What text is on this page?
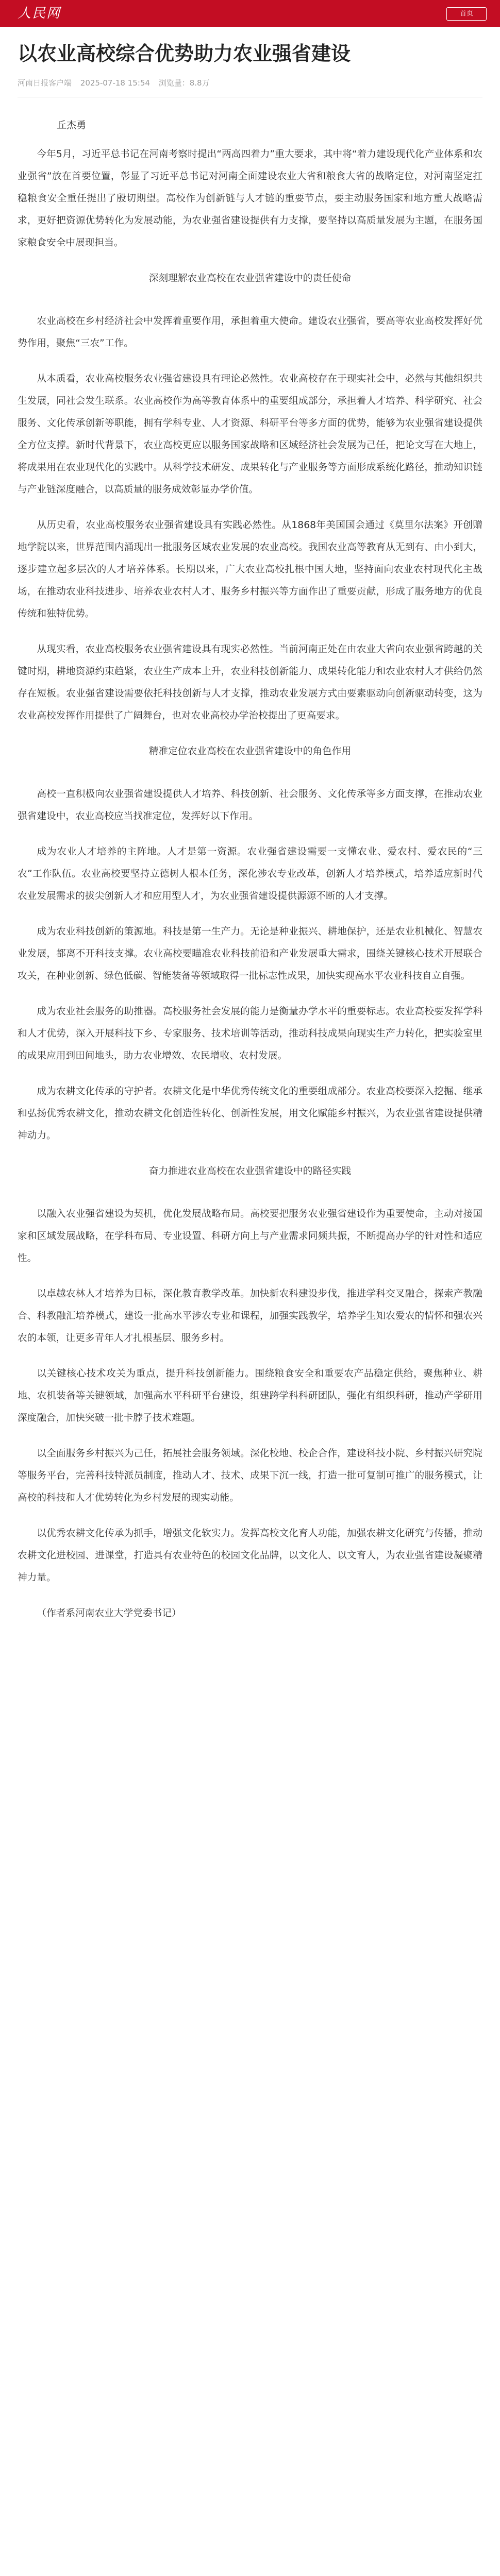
人民网	首页
以农业高校综合优势助力农业强省建设
河南日报客户端 2025-07-18 15:54 浏览量：8.8万
丘杰勇

今年5月，习近平总书记在河南考察时提出“两高四着力”重大要求，其中将“着力建设现代化产业体系和农业强省”放在首要位置，彰显了习近平总书记对河南全面建设农业大省和粮食大省的战略定位，对河南坚定扛稳粮食安全重任提出了殷切期望。高校作为创新链与人才链的重要节点，要主动服务国家和地方重大战略需求，更好把资源优势转化为发展动能，为农业强省建设提供有力支撑，要坚持以高质量发展为主题，在服务国家粮食安全中展现担当。

深刻理解农业高校在农业强省建设中的责任使命

农业高校在乡村经济社会中发挥着重要作用，承担着重大使命。建设农业强省，要高等农业高校发挥好优势作用，聚焦“三农”工作。

从本质看，农业高校服务农业强省建设具有理论必然性。农业高校存在于现实社会中，必然与其他组织共生发展，同社会发生联系。农业高校作为高等教育体系中的重要组成部分，承担着人才培养、科学研究、社会服务、文化传承创新等职能，拥有学科专业、人才资源、科研平台等多方面的优势，能够为农业强省建设提供全方位支撑。新时代背景下，农业高校更应以服务国家战略和区域经济社会发展为己任，把论文写在大地上，将成果用在农业现代化的实践中。从科学技术研发、成果转化与产业服务等方面形成系统化路径，推动知识链与产业链深度融合，以高质量的服务成效彰显办学价值。

从历史看，农业高校服务农业强省建设具有实践必然性。从1868年美国国会通过《莫里尔法案》开创赠地学院以来，世界范围内涌现出一批服务区域农业发展的农业高校。我国农业高等教育从无到有、由小到大，逐步建立起多层次的人才培养体系。长期以来，广大农业高校扎根中国大地，坚持面向农业农村现代化主战场，在推动农业科技进步、培养农业农村人才、服务乡村振兴等方面作出了重要贡献，形成了服务地方的优良传统和独特优势。

从现实看，农业高校服务农业强省建设具有现实必然性。当前河南正处在由农业大省向农业强省跨越的关键时期，耕地资源约束趋紧，农业生产成本上升，农业科技创新能力、成果转化能力和农业农村人才供给仍然存在短板。农业强省建设需要依托科技创新与人才支撑，推动农业发展方式由要素驱动向创新驱动转变，这为农业高校发挥作用提供了广阔舞台，也对农业高校办学治校提出了更高要求。

精准定位农业高校在农业强省建设中的角色作用

高校一直积极向农业强省建设提供人才培养、科技创新、社会服务、文化传承等多方面支撑，在推动农业强省建设中，农业高校应当找准定位，发挥好以下作用。

成为农业人才培养的主阵地。人才是第一资源。农业强省建设需要一支懂农业、爱农村、爱农民的“三农”工作队伍。农业高校要坚持立德树人根本任务，深化涉农专业改革，创新人才培养模式，培养适应新时代农业发展需求的拔尖创新人才和应用型人才，为农业强省建设提供源源不断的人才支撑。

成为农业科技创新的策源地。科技是第一生产力。无论是种业振兴、耕地保护，还是农业机械化、智慧农业发展，都离不开科技支撑。农业高校要瞄准农业科技前沿和产业发展重大需求，围绕关键核心技术开展联合攻关，在种业创新、绿色低碳、智能装备等领域取得一批标志性成果，加快实现高水平农业科技自立自强。

成为农业社会服务的助推器。高校服务社会发展的能力是衡量办学水平的重要标志。农业高校要发挥学科和人才优势，深入开展科技下乡、专家服务、技术培训等活动，推动科技成果向现实生产力转化，把实验室里的成果应用到田间地头，助力农业增效、农民增收、农村发展。

成为农耕文化传承的守护者。农耕文化是中华优秀传统文化的重要组成部分。农业高校要深入挖掘、继承和弘扬优秀农耕文化，推动农耕文化创造性转化、创新性发展，用文化赋能乡村振兴，为农业强省建设提供精神动力。

奋力推进农业高校在农业强省建设中的路径实践

以融入农业强省建设为契机，优化发展战略布局。高校要把服务农业强省建设作为重要使命，主动对接国家和区域发展战略，在学科布局、专业设置、科研方向上与产业需求同频共振，不断提高办学的针对性和适应性。

以卓越农林人才培养为目标，深化教育教学改革。加快新农科建设步伐，推进学科交叉融合，探索产教融合、科教融汇培养模式，建设一批高水平涉农专业和课程，加强实践教学，培养学生知农爱农的情怀和强农兴农的本领，让更多青年人才扎根基层、服务乡村。

以关键核心技术攻关为重点，提升科技创新能力。围绕粮食安全和重要农产品稳定供给，聚焦种业、耕地、农机装备等关键领域，加强高水平科研平台建设，组建跨学科科研团队，强化有组织科研，推动产学研用深度融合，加快突破一批卡脖子技术难题。

以全面服务乡村振兴为己任，拓展社会服务领域。深化校地、校企合作，建设科技小院、乡村振兴研究院等服务平台，完善科技特派员制度，推动人才、技术、成果下沉一线，打造一批可复制可推广的服务模式，让高校的科技和人才优势转化为乡村发展的现实动能。

以优秀农耕文化传承为抓手，增强文化软实力。发挥高校文化育人功能，加强农耕文化研究与传播，推动农耕文化进校园、进课堂，打造具有农业特色的校园文化品牌，以文化人、以文育人，为农业强省建设凝聚精神力量。

（作者系河南农业大学党委书记）
